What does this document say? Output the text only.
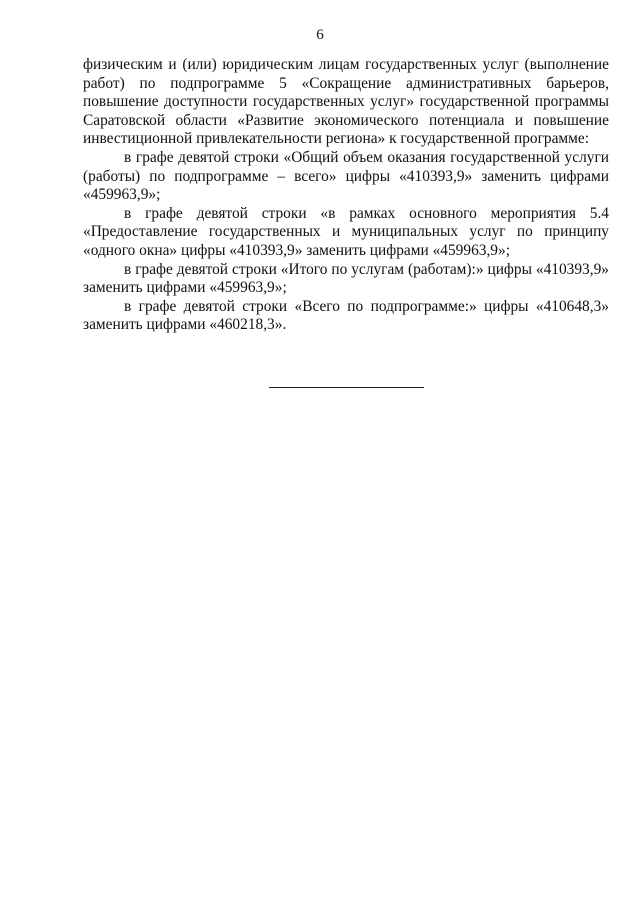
6

физическим и (или) юридическим лицам государственных услуг (выполнение работ) по подпрограмме 5 «Сокращение административных барьеров, повышение доступности государственных услуг» государственной программы Саратовской области «Развитие экономического потенциала и повышение инвестиционной привлекательности региона» к государственной программе:

в графе девятой строки «Общий объем оказания государственной услуги (работы) по подпрограмме – всего» цифры «410393,9» заменить цифрами «459963,9»;

в графе девятой строки «в рамках основного мероприятия 5.4 «Предоставление государственных и муниципальных услуг по принципу «одного окна» цифры «410393,9» заменить цифрами «459963,9»;

в графе девятой строки «Итого по услугам (работам):» цифры «410393,9» заменить цифрами «459963,9»;

в графе девятой строки «Всего по подпрограмме:» цифры «410648,3» заменить цифрами «460218,3».
